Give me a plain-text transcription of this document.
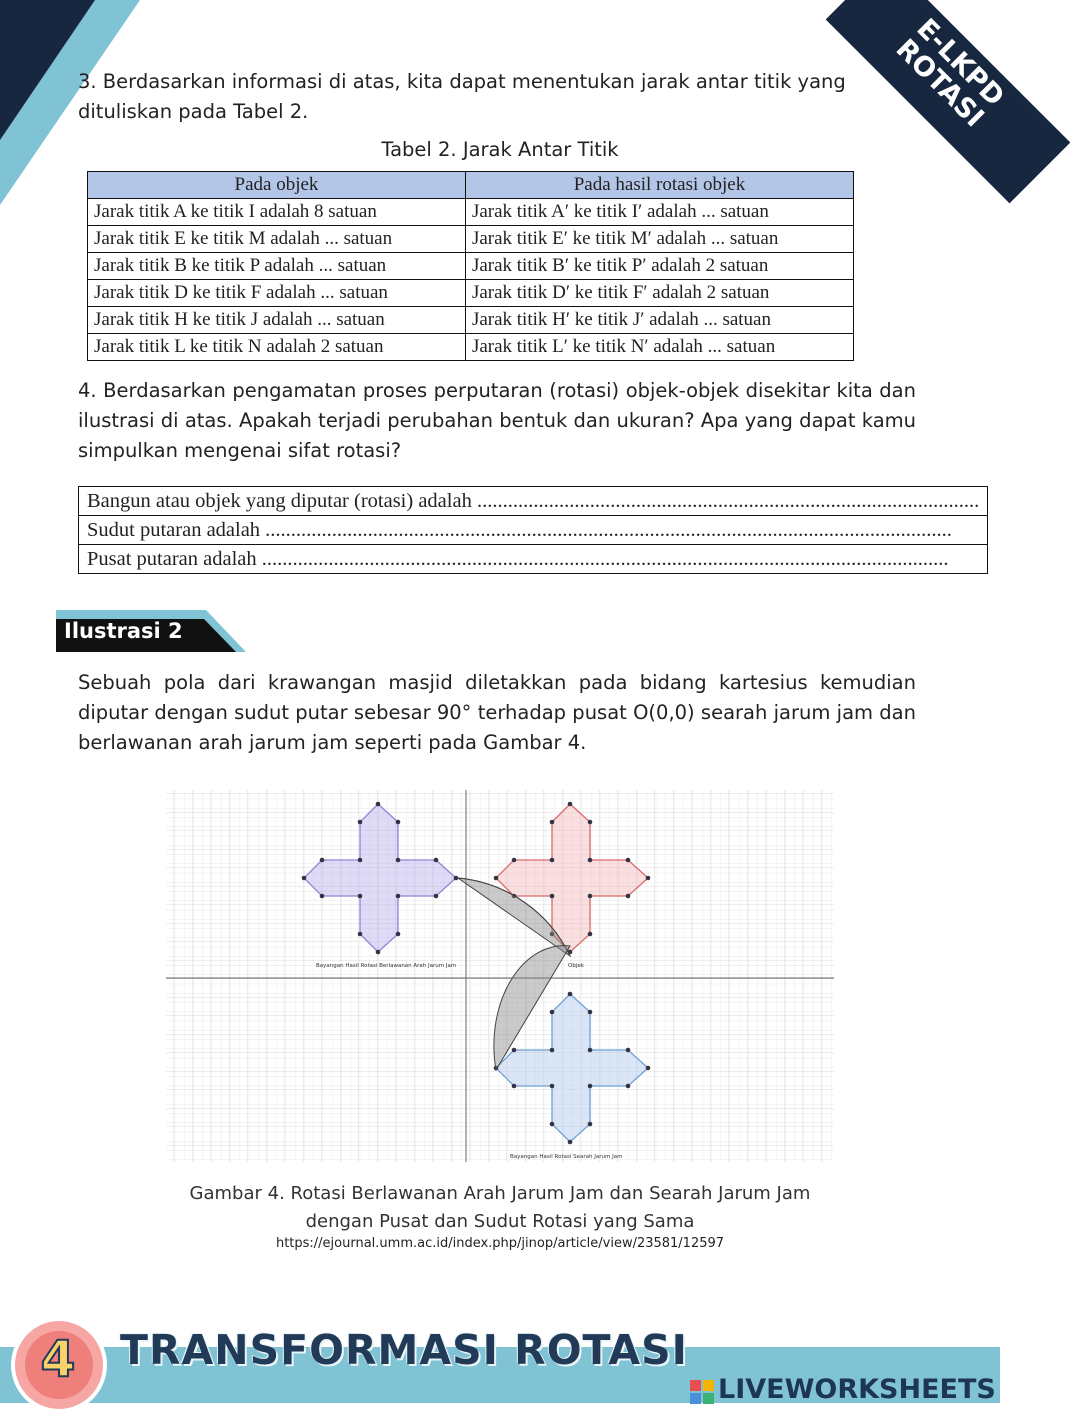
E-LKPD ROTASI
3. Berdasarkan informasi di atas, kita dapat menentukan jarak antar titik yang dituliskan pada Tabel 2.
Tabel 2. Jarak Antar Titik
Pada objek	Pada hasil rotasi objek
Jarak titik A ke titik I adalah 8 satuan	Jarak titik A′ ke titik I′ adalah ... satuan
Jarak titik E ke titik M adalah ... satuan	Jarak titik E′ ke titik M′ adalah ... satuan
Jarak titik B ke titik P adalah ... satuan	Jarak titik B′ ke titik P′ adalah 2 satuan
Jarak titik D ke titik F adalah ... satuan	Jarak titik D′ ke titik F′ adalah 2 satuan
Jarak titik H ke titik J adalah ... satuan	Jarak titik H′ ke titik J′ adalah ... satuan
Jarak titik L ke titik N adalah 2 satuan	Jarak titik L′ ke titik N′ adalah ... satuan
4. Berdasarkan pengamatan proses perputaran (rotasi) objek-objek disekitar kita dan ilustrasi di atas. Apakah terjadi perubahan bentuk dan ukuran? Apa yang dapat kamu simpulkan mengenai sifat rotasi?
Bangun atau objek yang diputar (rotasi) adalah ..................................................................................................
Sudut putaran adalah ......................................................................................................................................
Pusat putaran adalah ......................................................................................................................................
Ilustrasi 2
Sebuah pola dari krawangan masjid diletakkan pada bidang kartesius kemudian diputar dengan sudut putar sebesar 90° terhadap pusat O(0,0) searah jarum jam dan berlawanan arah jarum jam seperti pada Gambar 4.
Bayangan Hasil Rotasi Berlawanan Arah Jarum Jam	Objek
Bayangan Hasil Rotasi Searah Jarum Jam
Gambar 4. Rotasi Berlawanan Arah Jarum Jam dan Searah Jarum Jam
dengan Pusat dan Sudut Rotasi yang Sama
https://ejournal.umm.ac.id/index.php/jinop/article/view/23581/12597
4 TRANSFORMASI ROTASI
LIVEWORKSHEETS
